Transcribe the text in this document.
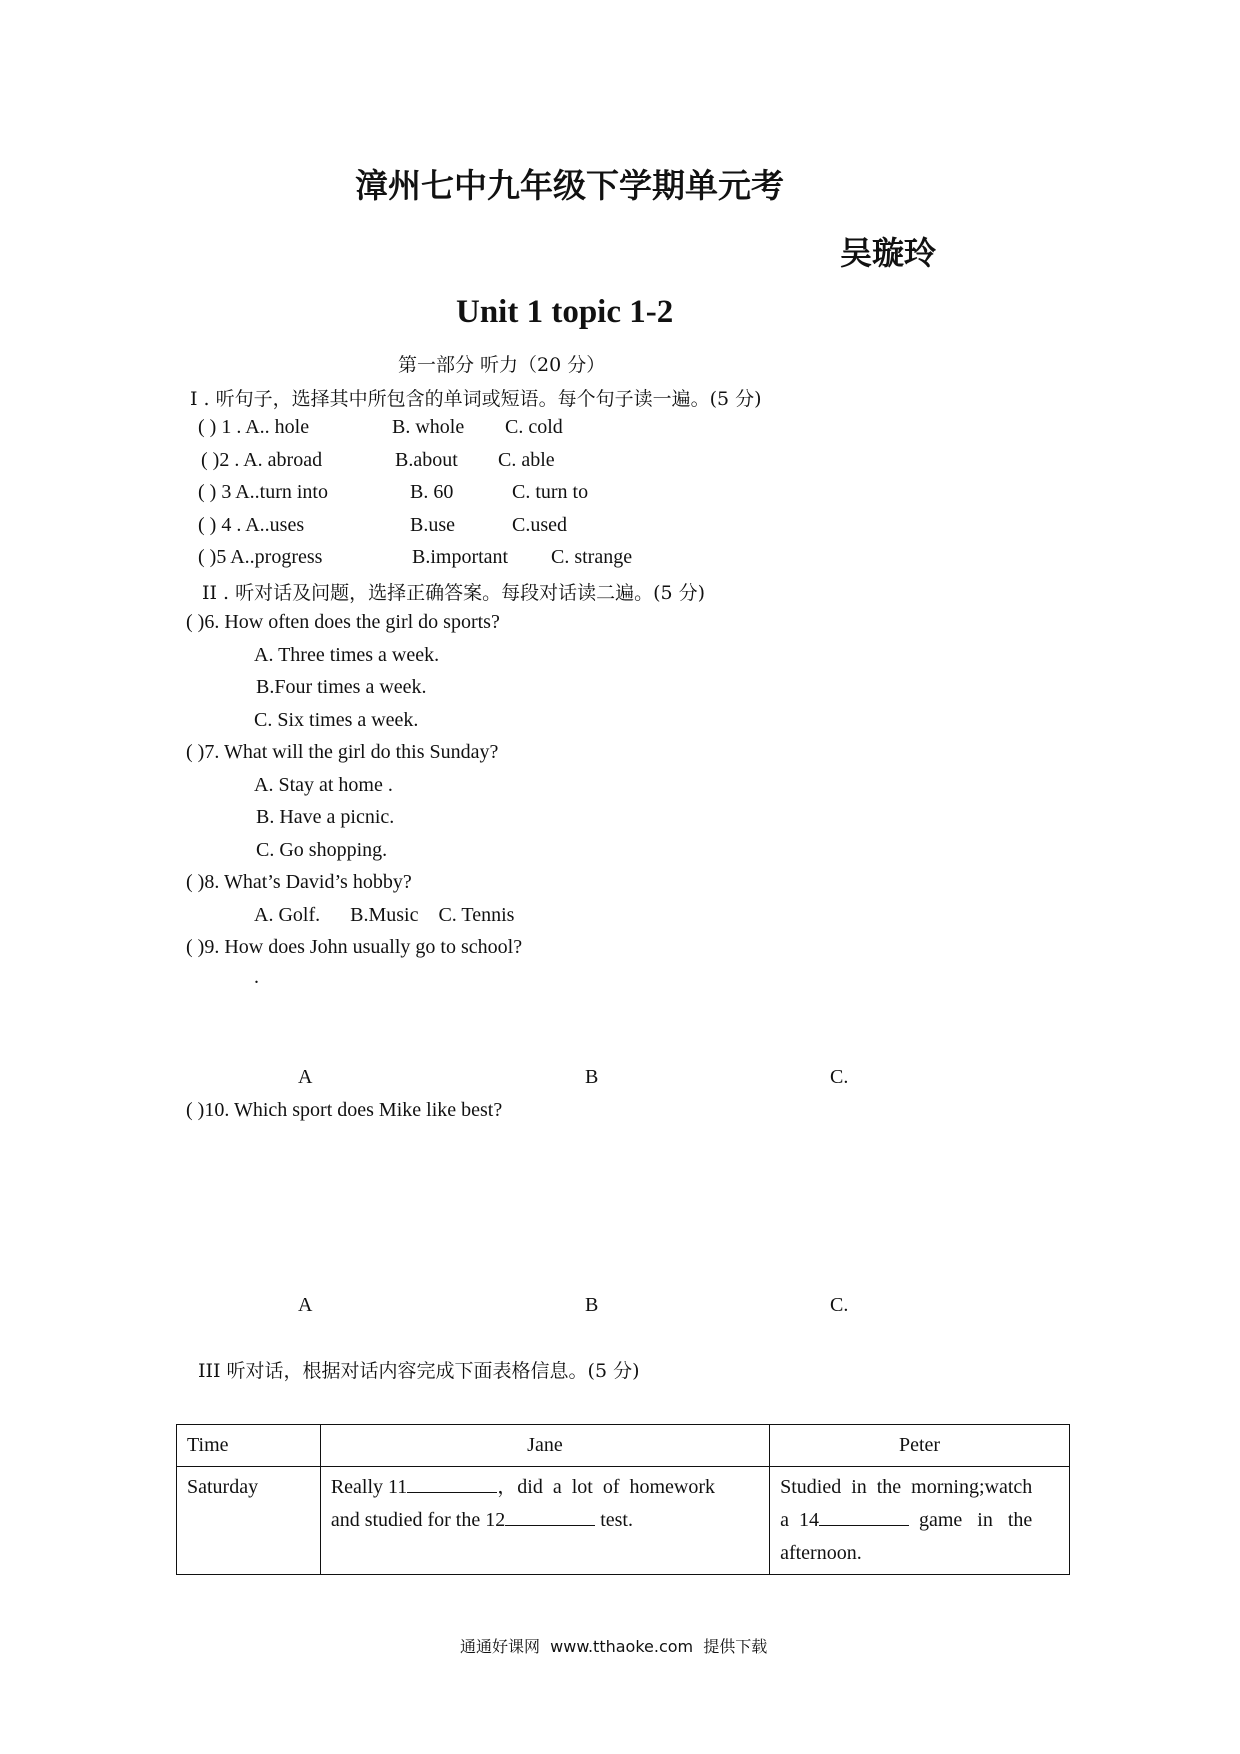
漳州七中九年级下学期单元考
吴璇玲
Unit 1 topic 1-2
第一部分 听力（20 分）
I . 听句子，选择其中所包含的单词或短语。每个句子读一遍。(5 分)
( ) 1 . A.. hole	B. whole C. cold
( )2 . A. abroad	B.about C. able
( ) 3 A..turn into	B. 60	C. turn to
( ) 4 . A..uses	B.use	C.used
( )5 A..progress	B.important C. strange
II . 听对话及问题，选择正确答案。每段对话读二遍。(5 分)
( )6. How often does the girl do sports?
A. Three times a week.
B.Four times a week.
C. Six times a week.
( )7. What will the girl do this Sunday?
A. Stay at home .
B. Have a picnic.
C. Go shopping.
( )8. What’s David’s hobby?
A. Golf.      B.Music    C. Tennis
( )9. How does John usually go to school?
.
A	B	C.
( )10. Which sport does Mike like best?
A	B	C.
III 听对话，根据对话内容完成下面表格信息。(5 分)
Time	Jane	Peter
Saturday	Really 11 ，did  a  lot  of  homework
and studied for the 12 test.	Studied  in  the  morning;watch
a  14 game   in   the
afternoon.
通通好课网  www.tthaoke.com  提供下载
